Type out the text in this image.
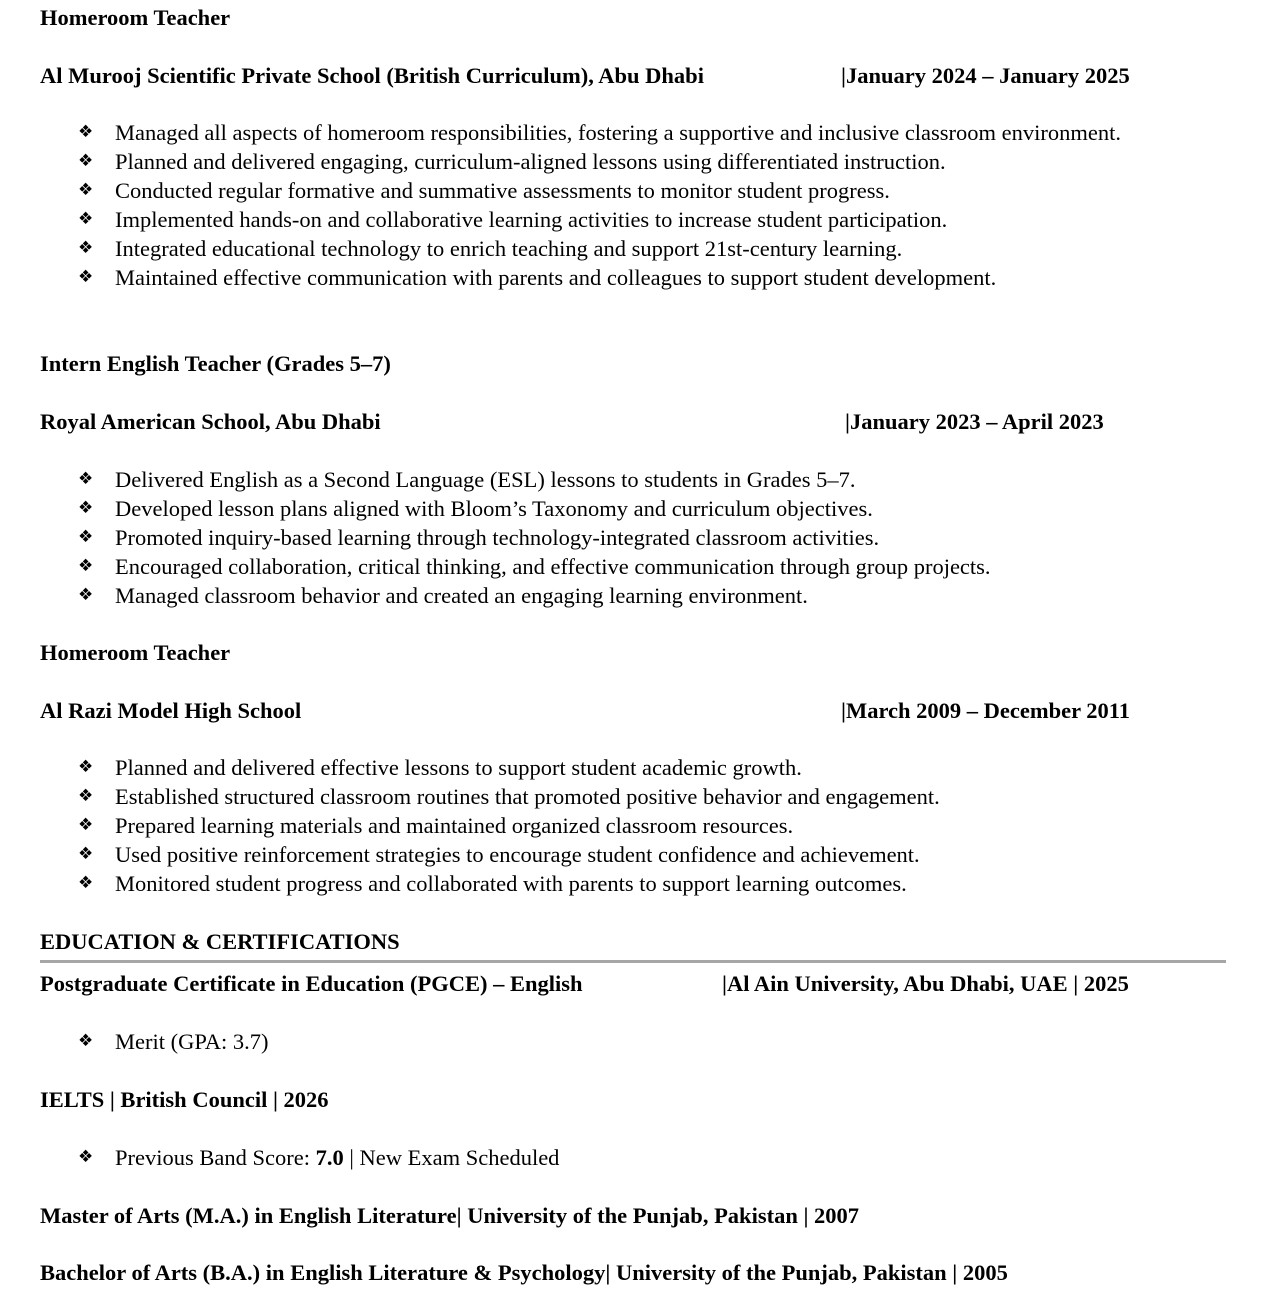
Homeroom Teacher
Al Murooj Scientific Private School (British Curriculum), Abu Dhabi	|January 2024 – January 2025
❖ Managed all aspects of homeroom responsibilities, fostering a supportive and inclusive classroom environment.
❖ Planned and delivered engaging, curriculum-aligned lessons using differentiated instruction.
❖ Conducted regular formative and summative assessments to monitor student progress.
❖ Implemented hands-on and collaborative learning activities to increase student participation.
❖ Integrated educational technology to enrich teaching and support 21st-century learning.
❖ Maintained effective communication with parents and colleagues to support student development.
Intern English Teacher (Grades 5–7)
Royal American School, Abu Dhabi	|January 2023 – April 2023
❖ Delivered English as a Second Language (ESL) lessons to students in Grades 5–7.
❖ Developed lesson plans aligned with Bloom’s Taxonomy and curriculum objectives.
❖ Promoted inquiry-based learning through technology-integrated classroom activities.
❖ Encouraged collaboration, critical thinking, and effective communication through group projects.
❖ Managed classroom behavior and created an engaging learning environment.
Homeroom Teacher
Al Razi Model High School	|March 2009 – December 2011
❖ Planned and delivered effective lessons to support student academic growth.
❖ Established structured classroom routines that promoted positive behavior and engagement.
❖ Prepared learning materials and maintained organized classroom resources.
❖ Used positive reinforcement strategies to encourage student confidence and achievement.
❖ Monitored student progress and collaborated with parents to support learning outcomes.
EDUCATION & CERTIFICATIONS
Postgraduate Certificate in Education (PGCE) – English	|Al Ain University, Abu Dhabi, UAE | 2025
❖ Merit (GPA: 3.7)
IELTS | British Council | 2026
❖ Previous Band Score: 7.0 | New Exam Scheduled
Master of Arts (M.A.) in English Literature| University of the Punjab, Pakistan | 2007
Bachelor of Arts (B.A.) in English Literature & Psychology| University of the Punjab, Pakistan | 2005
